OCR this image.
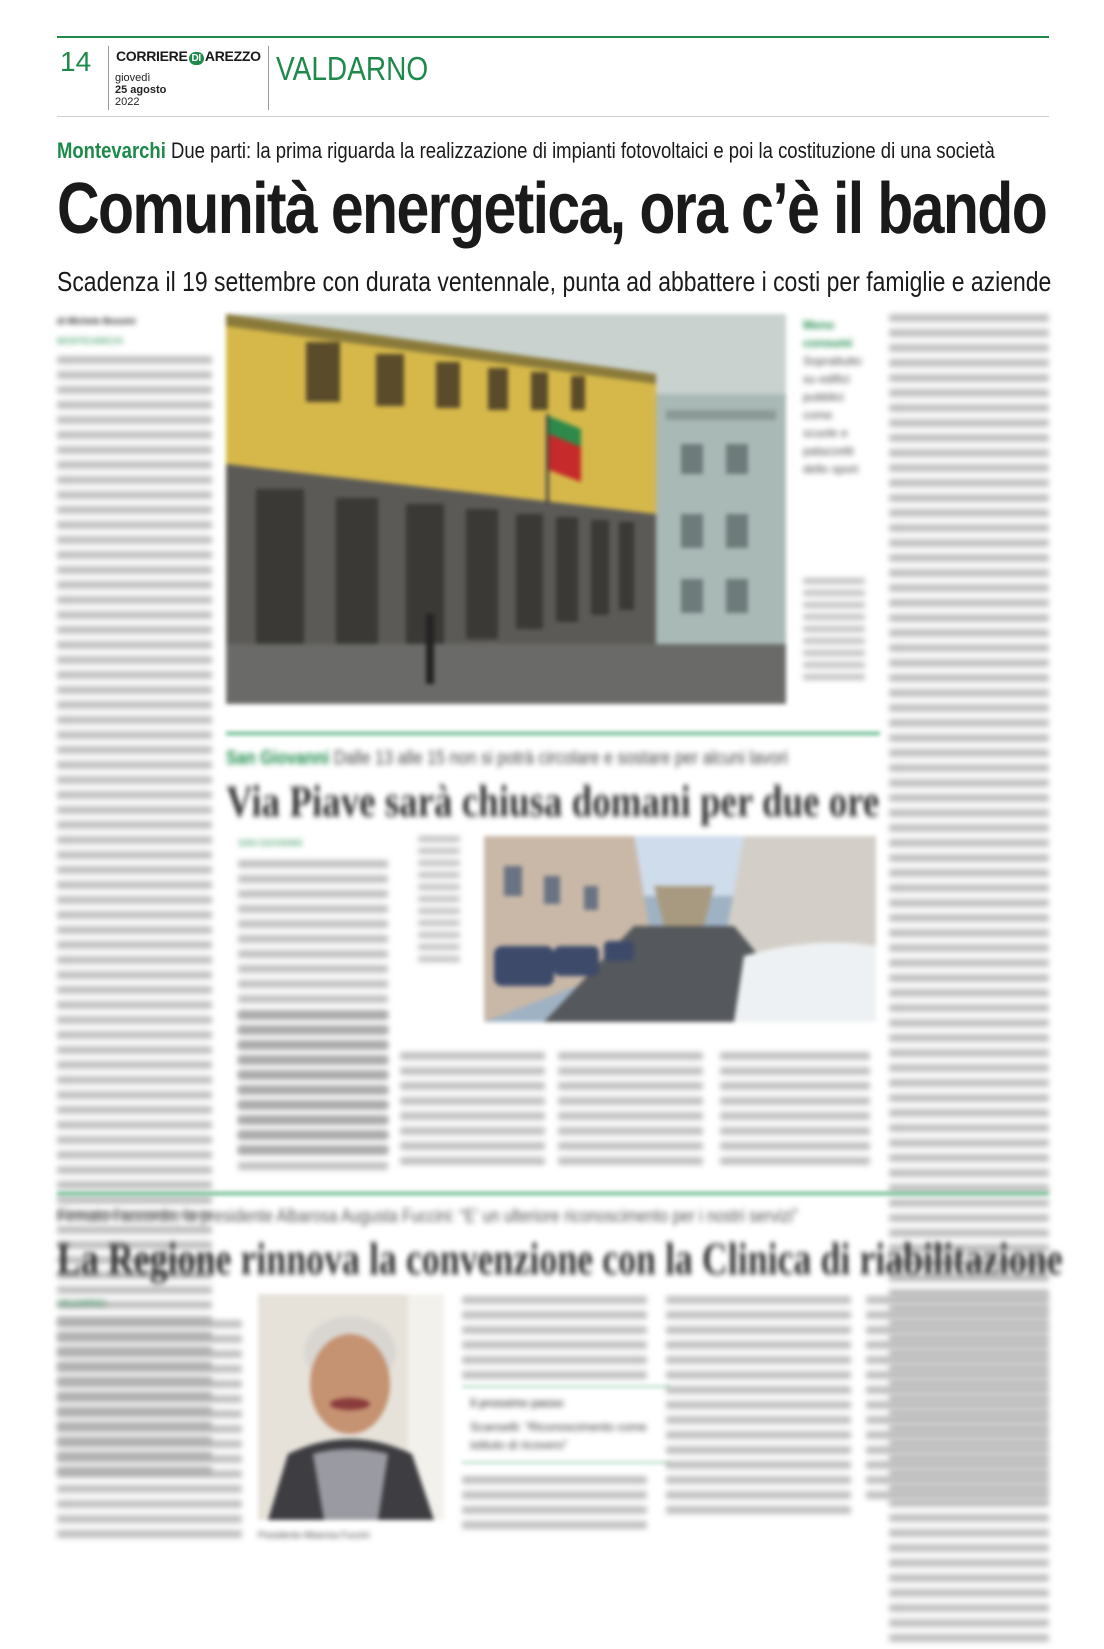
14 CORRIERE DI AREZZO
giovedì
25 agosto
2022
VALDARNO
Montevarchi Due parti: la prima riguarda la realizzazione di impianti fotovoltaici e poi la costituzione di una società
Comunità energetica, ora c’è il bando
Scadenza il 19 settembre con durata ventennale, punta ad abbattere i costi per famiglie e aziende
di Michele Bossini
MONTEVARCHI
Meno consumi
Soprattutto su edifici pubblici come scuole e palazzetti dello sport
San Giovanni Dalle 13 alle 15 non si potrà circolare e sostare per alcuni lavori
Via Piave sarà chiusa domani per due ore
SAN GIOVANNI
Firmato l’accordo, la presidente Albarosa Augusta Fuccini: “E’ un ulteriore riconoscimento per i nostri servizi”
La Regione rinnova la convenzione con la Clinica di riabilitazione
VALDARNO
Presidente Albarosa Fuccini
Il prossimo passo
Scanselli: “Riconoscimento come istituto di ricovero”
